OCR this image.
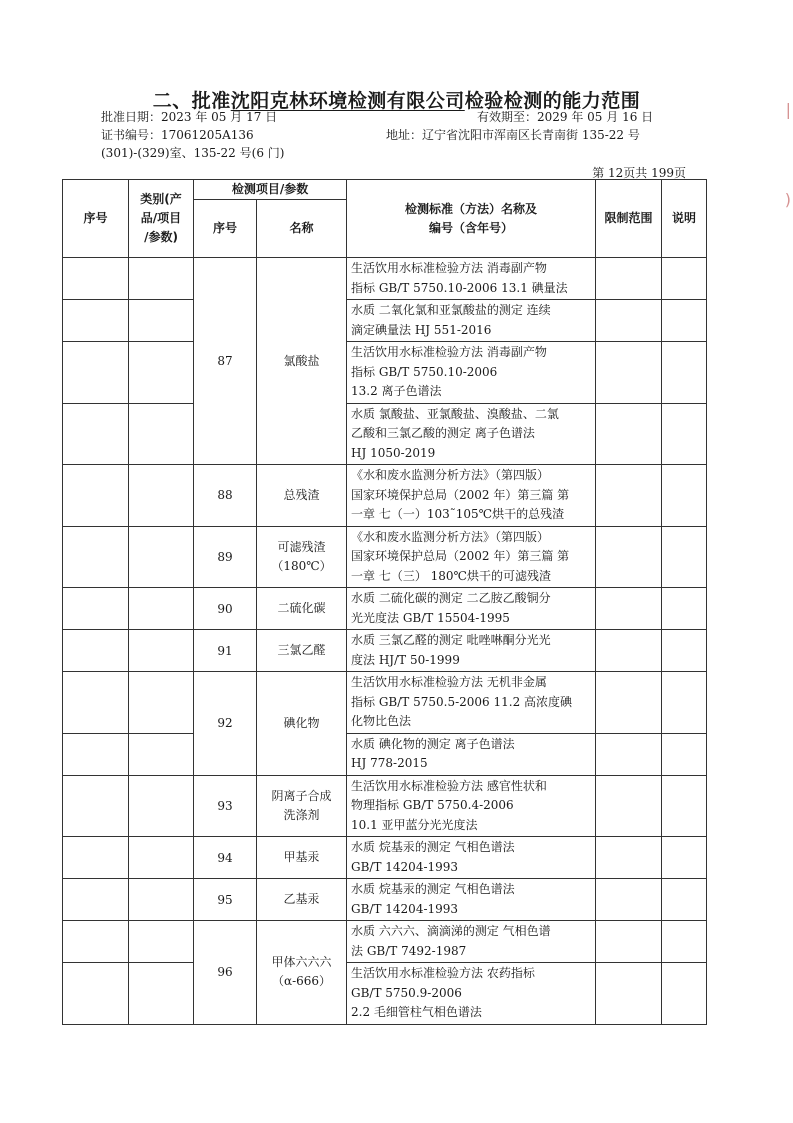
二、批准沈阳克林环境检测有限公司检验检测的能力范围
批准日期：2023 年 05 月 17 日	有效期至：2029 年 05 月 16 日
证书编号：17061205A136	地址：辽宁省沈阳市浑南区长青南街 135-22 号
(301)-(329)室、135-22 号(6 门)
第 12页共 199页
|
)
序号	类别(产
品/项目
/参数)	检测项目/参数		检测标准（方法）名称及
编号（含年号）	限制范围	说明
		序号	名称			
		87	氯酸盐	生活饮用水标准检验方法 消毒副产物
指标 GB/T 5750.10-2006 13.1 碘量法		

				水质 二氧化氯和亚氯酸盐的测定 连续
滴定碘量法 HJ 551-2016		

				生活饮用水标准检验方法 消毒副产物
指标 GB/T 5750.10-2006
13.2 离子色谱法		

				水质 氯酸盐、亚氯酸盐、溴酸盐、二氯
乙酸和三氯乙酸的测定 离子色谱法
HJ 1050-2019		

		88	总残渣	《水和废水监测分析方法》（第四版）
国家环境保护总局（2002 年）第三篇 第
一章 七（一）103˜105℃烘干的总残渣		

		89	可滤残渣
（180℃）	《水和废水监测分析方法》（第四版）
国家环境保护总局（2002 年）第三篇 第
一章 七（三） 180℃烘干的可滤残渣		

		90	二硫化碳	水质 二硫化碳的测定 二乙胺乙酸铜分
光光度法 GB/T 15504-1995		

		91	三氯乙醛	水质 三氯乙醛的测定 吡唑啉酮分光光
度法 HJ/T 50-1999		

		92	碘化物	生活饮用水标准检验方法 无机非金属
指标 GB/T 5750.5-2006 11.2 高浓度碘
化物比色法		

				水质 碘化物的测定 离子色谱法
HJ 778-2015		

		93	阴离子合成
洗涤剂	生活饮用水标准检验方法 感官性状和
物理指标 GB/T 5750.4-2006
10.1 亚甲蓝分光光度法		

		94	甲基汞	水质 烷基汞的测定 气相色谱法
GB/T 14204-1993		

		95	乙基汞	水质 烷基汞的测定 气相色谱法
GB/T 14204-1993		

		96	甲体六六六
（α-666）	水质 六六六、滴滴涕的测定 气相色谱
法 GB/T 7492-1987		

				生活饮用水标准检验方法 农药指标
GB/T 5750.9-2006
2.2 毛细管柱气相色谱法		
